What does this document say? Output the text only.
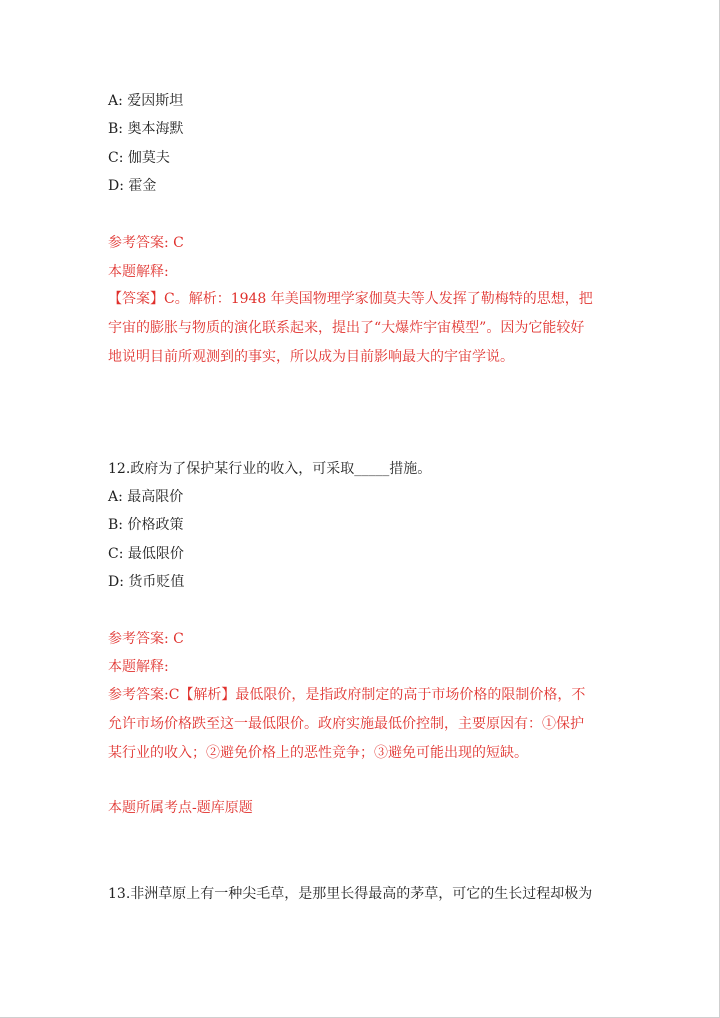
A: 爱因斯坦
B: 奥本海默
C: 伽莫夫
D: 霍金
参考答案: C
本题解释:
【答案】C。解析：1948 年美国物理学家伽莫夫等人发挥了勒梅特的思想，把
宇宙的膨胀与物质的演化联系起来，提出了“大爆炸宇宙模型”。因为它能较好
地说明目前所观测到的事实，所以成为目前影响最大的宇宙学说。
12.政府为了保护某行业的收入，可采取_____措施。
A: 最高限价
B: 价格政策
C: 最低限价
D: 货币贬值
参考答案: C
本题解释:
参考答案:C【解析】最低限价，是指政府制定的高于市场价格的限制价格，不
允许市场价格跌至这一最低限价。政府实施最低价控制，主要原因有：①保护
某行业的收入；②避免价格上的恶性竞争；③避免可能出现的短缺。
本题所属考点-题库原题
13.非洲草原上有一种尖毛草，是那里长得最高的茅草，可它的生长过程却极为
